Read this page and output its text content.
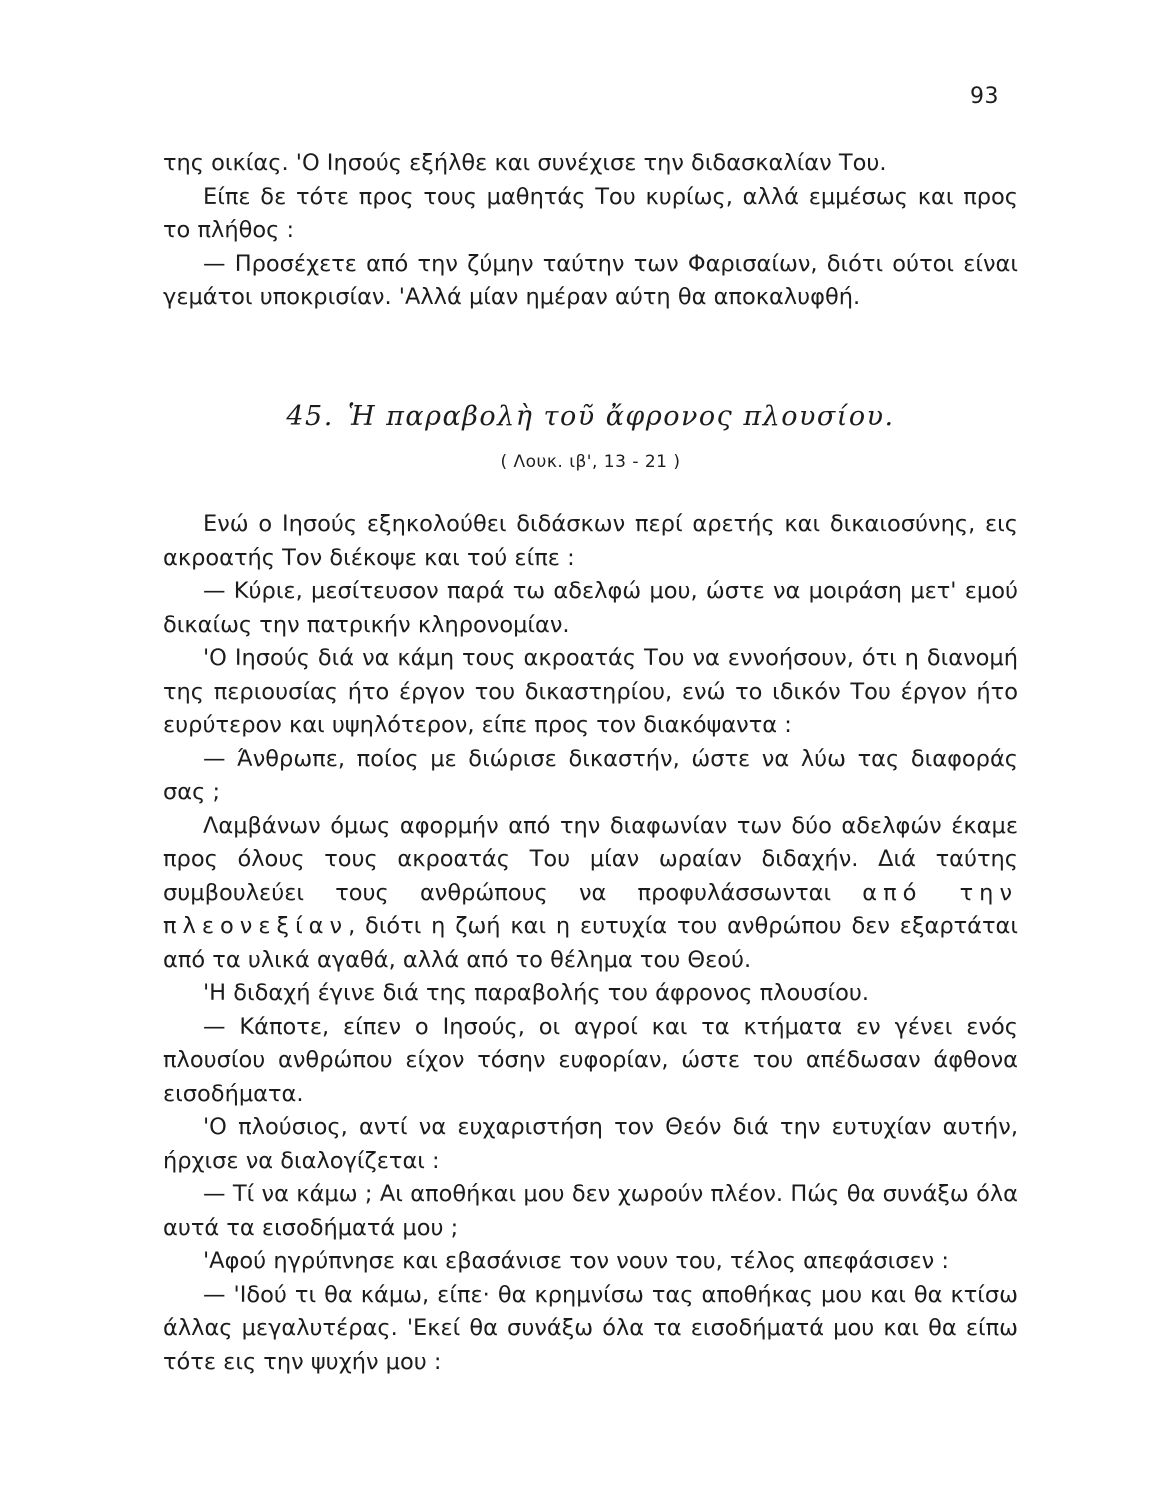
93

της οικίας. 'Ο Ιησούς εξήλθε και συνέχισε την διδασκαλίαν Του.

Είπε δε τότε προς τους μαθητάς Του κυρίως, αλλά εμμέσως και προς το πλήθος :

— Προσέχετε από την ζύμην ταύτην των Φαρισαίων, διότι ούτοι είναι γεμάτοι υποκρισίαν. 'Αλλά μίαν ημέραν αύτη θα αποκαλυφθή.

45. Ἡ παραβολὴ τοῦ ἄφρονος πλουσίου.
( Λουκ. ιβ', 13 - 21 )

Ενώ ο Ιησούς εξηκολούθει διδάσκων περί αρετής και δικαιοσύνης, εις ακροατής Τον διέκοψε και τού είπε :

— Κύριε, μεσίτευσον παρά τω αδελφώ μου, ώστε να μοιράση μετ' εμού δικαίως την πατρικήν κληρονομίαν.

'Ο Ιησούς διά να κάμη τους ακροατάς Του να εννοήσουν, ότι η διανομή της περιουσίας ήτο έργον του δικαστηρίου, ενώ το ιδικόν Του έργον ήτο ευρύτερον και υψηλότερον, είπε προς τον διακόψαντα :

— Άνθρωπε, ποίος με διώρισε δικαστήν, ώστε να λύω τας διαφοράς σας ;

Λαμβάνων όμως αφορμήν από την διαφωνίαν των δύο αδελφών έκαμε προς όλους τους ακροατάς Του μίαν ωραίαν διδαχήν. Διά ταύτης συμβουλεύει τους ανθρώπους να προφυλάσσωνται από την πλεονεξίαν, διότι η ζωή και η ευτυχία του ανθρώπου δεν εξαρτάται από τα υλικά αγαθά, αλλά από το θέλημα του Θεού.

'Η διδαχή έγινε διά της παραβολής του άφρονος πλουσίου.

— Κάποτε, είπεν ο Ιησούς, οι αγροί και τα κτήματα εν γένει ενός πλουσίου ανθρώπου είχον τόσην ευφορίαν, ώστε του απέδωσαν άφθονα εισοδήματα.

'Ο πλούσιος, αντί να ευχαριστήση τον Θεόν διά την ευτυχίαν αυτήν, ήρχισε να διαλογίζεται :

— Τί να κάμω ; Αι αποθήκαι μου δεν χωρούν πλέον. Πώς θα συνάξω όλα αυτά τα εισοδήματά μου ;

'Αφού ηγρύπνησε και εβασάνισε τον νουν του, τέλος απεφάσισεν :

— 'Ιδού τι θα κάμω, είπε· θα κρημνίσω τας αποθήκας μου και θα κτίσω άλλας μεγαλυτέρας. 'Εκεί θα συνάξω όλα τα εισοδήματά μου και θα είπω τότε εις την ψυχήν μου :
